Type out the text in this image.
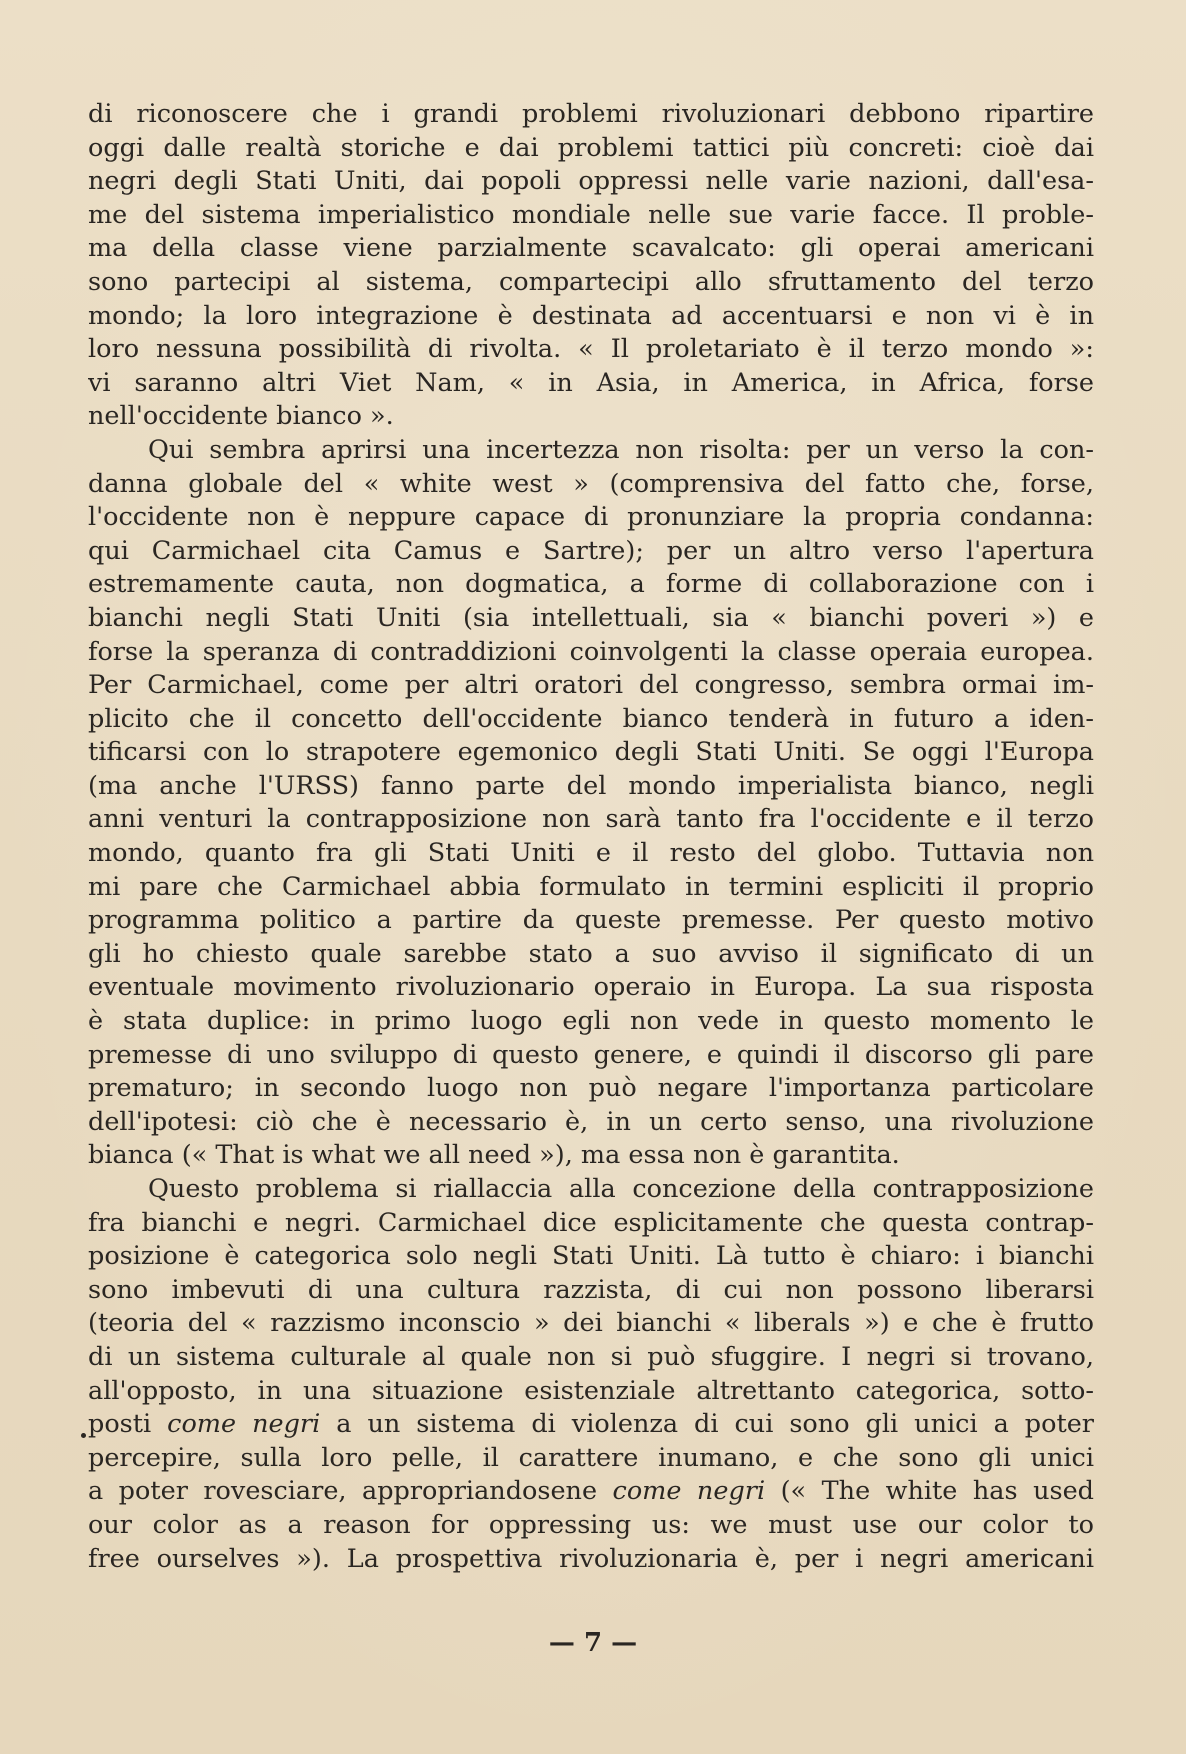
di riconoscere che i grandi problemi rivoluzionari debbono ripartire
oggi dalle realtà storiche e dai problemi tattici più concreti: cioè dai
negri degli Stati Uniti, dai popoli oppressi nelle varie nazioni, dall'esa-
me del sistema imperialistico mondiale nelle sue varie facce. Il proble-
ma della classe viene parzialmente scavalcato: gli operai americani
sono partecipi al sistema, compartecipi allo sfruttamento del terzo
mondo; la loro integrazione è destinata ad accentuarsi e non vi è in
loro nessuna possibilità di rivolta. « Il proletariato è il terzo mondo »:
vi saranno altri Viet Nam, « in Asia, in America, in Africa, forse
nell'occidente bianco ».
Qui sembra aprirsi una incertezza non risolta: per un verso la con-
danna globale del « white west » (comprensiva del fatto che, forse,
l'occidente non è neppure capace di pronunziare la propria condanna:
qui Carmichael cita Camus e Sartre); per un altro verso l'apertura
estremamente cauta, non dogmatica, a forme di collaborazione con i
bianchi negli Stati Uniti (sia intellettuali, sia « bianchi poveri ») e
forse la speranza di contraddizioni coinvolgenti la classe operaia europea.
Per Carmichael, come per altri oratori del congresso, sembra ormai im-
plicito che il concetto dell'occidente bianco tenderà in futuro a iden-
tificarsi con lo strapotere egemonico degli Stati Uniti. Se oggi l'Europa
(ma anche l'URSS) fanno parte del mondo imperialista bianco, negli
anni venturi la contrapposizione non sarà tanto fra l'occidente e il terzo
mondo, quanto fra gli Stati Uniti e il resto del globo. Tuttavia non
mi pare che Carmichael abbia formulato in termini espliciti il proprio
programma politico a partire da queste premesse. Per questo motivo
gli ho chiesto quale sarebbe stato a suo avviso il significato di un
eventuale movimento rivoluzionario operaio in Europa. La sua risposta
è stata duplice: in primo luogo egli non vede in questo momento le
premesse di uno sviluppo di questo genere, e quindi il discorso gli pare
prematuro; in secondo luogo non può negare l'importanza particolare
dell'ipotesi: ciò che è necessario è, in un certo senso, una rivoluzione
bianca (« That is what we all need »), ma essa non è garantita.
Questo problema si riallaccia alla concezione della contrapposizione
fra bianchi e negri. Carmichael dice esplicitamente che questa contrap-
posizione è categorica solo negli Stati Uniti. Là tutto è chiaro: i bianchi
sono imbevuti di una cultura razzista, di cui non possono liberarsi
(teoria del « razzismo inconscio » dei bianchi « liberals ») e che è frutto
di un sistema culturale al quale non si può sfuggire. I negri si trovano,
all'opposto, in una situazione esistenziale altrettanto categorica, sotto-
posti come negri a un sistema di violenza di cui sono gli unici a poter
percepire, sulla loro pelle, il carattere inumano, e che sono gli unici
a poter rovesciare, appropriandosene come negri (« The white has used
our color as a reason for oppressing us: we must use our color to
free ourselves »). La prospettiva rivoluzionaria è, per i negri americani
— 7 —
